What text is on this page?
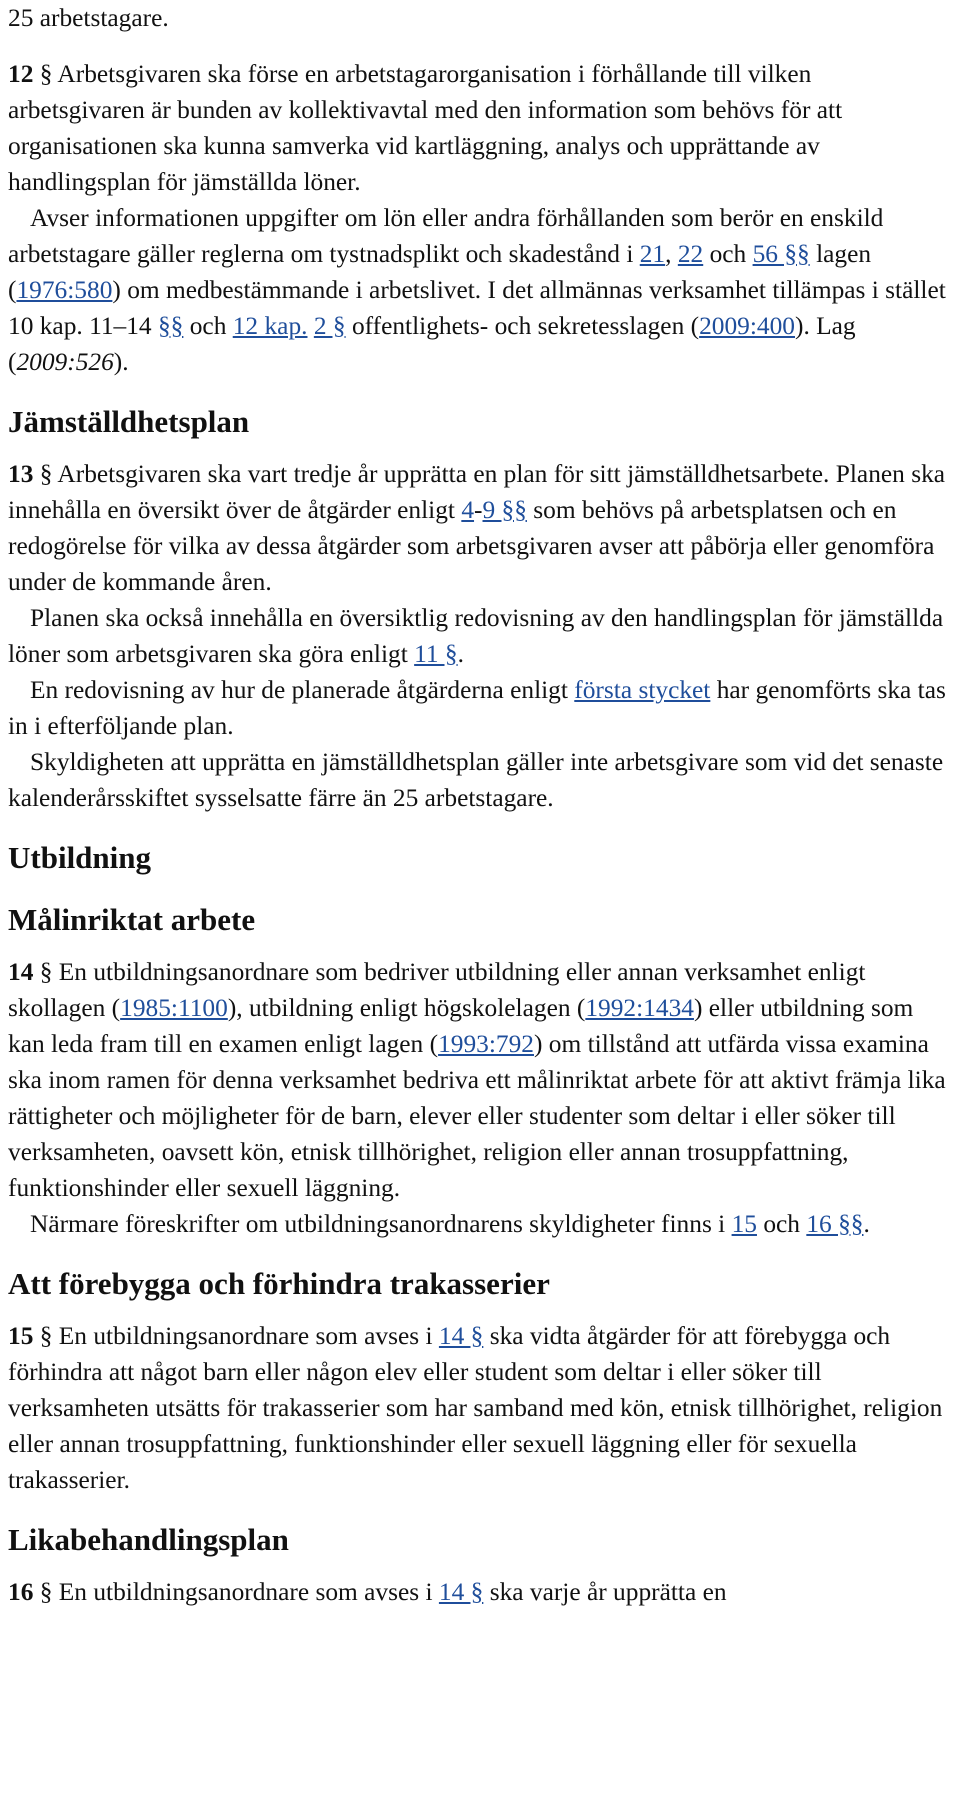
25 arbetstagare.

12 § Arbetsgivaren ska förse en arbetstagarorganisation i förhållande till vilken arbetsgivaren är bunden av kollektivavtal med den information som behövs för att organisationen ska kunna samverka vid kartläggning, analys och upprättande av handlingsplan för jämställda löner.

Avser informationen uppgifter om lön eller andra förhållanden som berör en enskild arbetstagare gäller reglerna om tystnadsplikt och skadestånd i 21, 22 och 56 §§ lagen (1976:580) om medbestämmande i arbetslivet. I det allmännas verksamhet tillämpas i stället 10 kap. 11–14 §§ och 12 kap. 2 § offentlighets- och sekretesslagen (2009:400). Lag (2009:526).

Jämställdhetsplan

13 § Arbetsgivaren ska vart tredje år upprätta en plan för sitt jämställdhetsarbete. Planen ska innehålla en översikt över de åtgärder enligt 4-9 §§ som behövs på arbetsplatsen och en redogörelse för vilka av dessa åtgärder som arbetsgivaren avser att påbörja eller genomföra under de kommande åren.

Planen ska också innehålla en översiktlig redovisning av den handlingsplan för jämställda löner som arbetsgivaren ska göra enligt 11 §.

En redovisning av hur de planerade åtgärderna enligt första stycket har genomförts ska tas in i efterföljande plan.

Skyldigheten att upprätta en jämställdhetsplan gäller inte arbetsgivare som vid det senaste kalenderårsskiftet sysselsatte färre än 25 arbetstagare.

Utbildning
Målinriktat arbete

14 § En utbildningsanordnare som bedriver utbildning eller annan verksamhet enligt skollagen (1985:1100), utbildning enligt högskolelagen (1992:1434) eller utbildning som kan leda fram till en examen enligt lagen (1993:792) om tillstånd att utfärda vissa examina ska inom ramen för denna verksamhet bedriva ett målinriktat arbete för att aktivt främja lika rättigheter och möjligheter för de barn, elever eller studenter som deltar i eller söker till verksamheten, oavsett kön, etnisk tillhörighet, religion eller annan trosuppfattning, funktionshinder eller sexuell läggning.

Närmare föreskrifter om utbildningsanordnarens skyldigheter finns i 15 och 16 §§.

Att förebygga och förhindra trakasserier

15 § En utbildningsanordnare som avses i 14 § ska vidta åtgärder för att förebygga och förhindra att något barn eller någon elev eller student som deltar i eller söker till verksamheten utsätts för trakasserier som har samband med kön, etnisk tillhörighet, religion eller annan trosuppfattning, funktionshinder eller sexuell läggning eller för sexuella trakasserier.

Likabehandlingsplan

16 § En utbildningsanordnare som avses i 14 § ska varje år upprätta en
